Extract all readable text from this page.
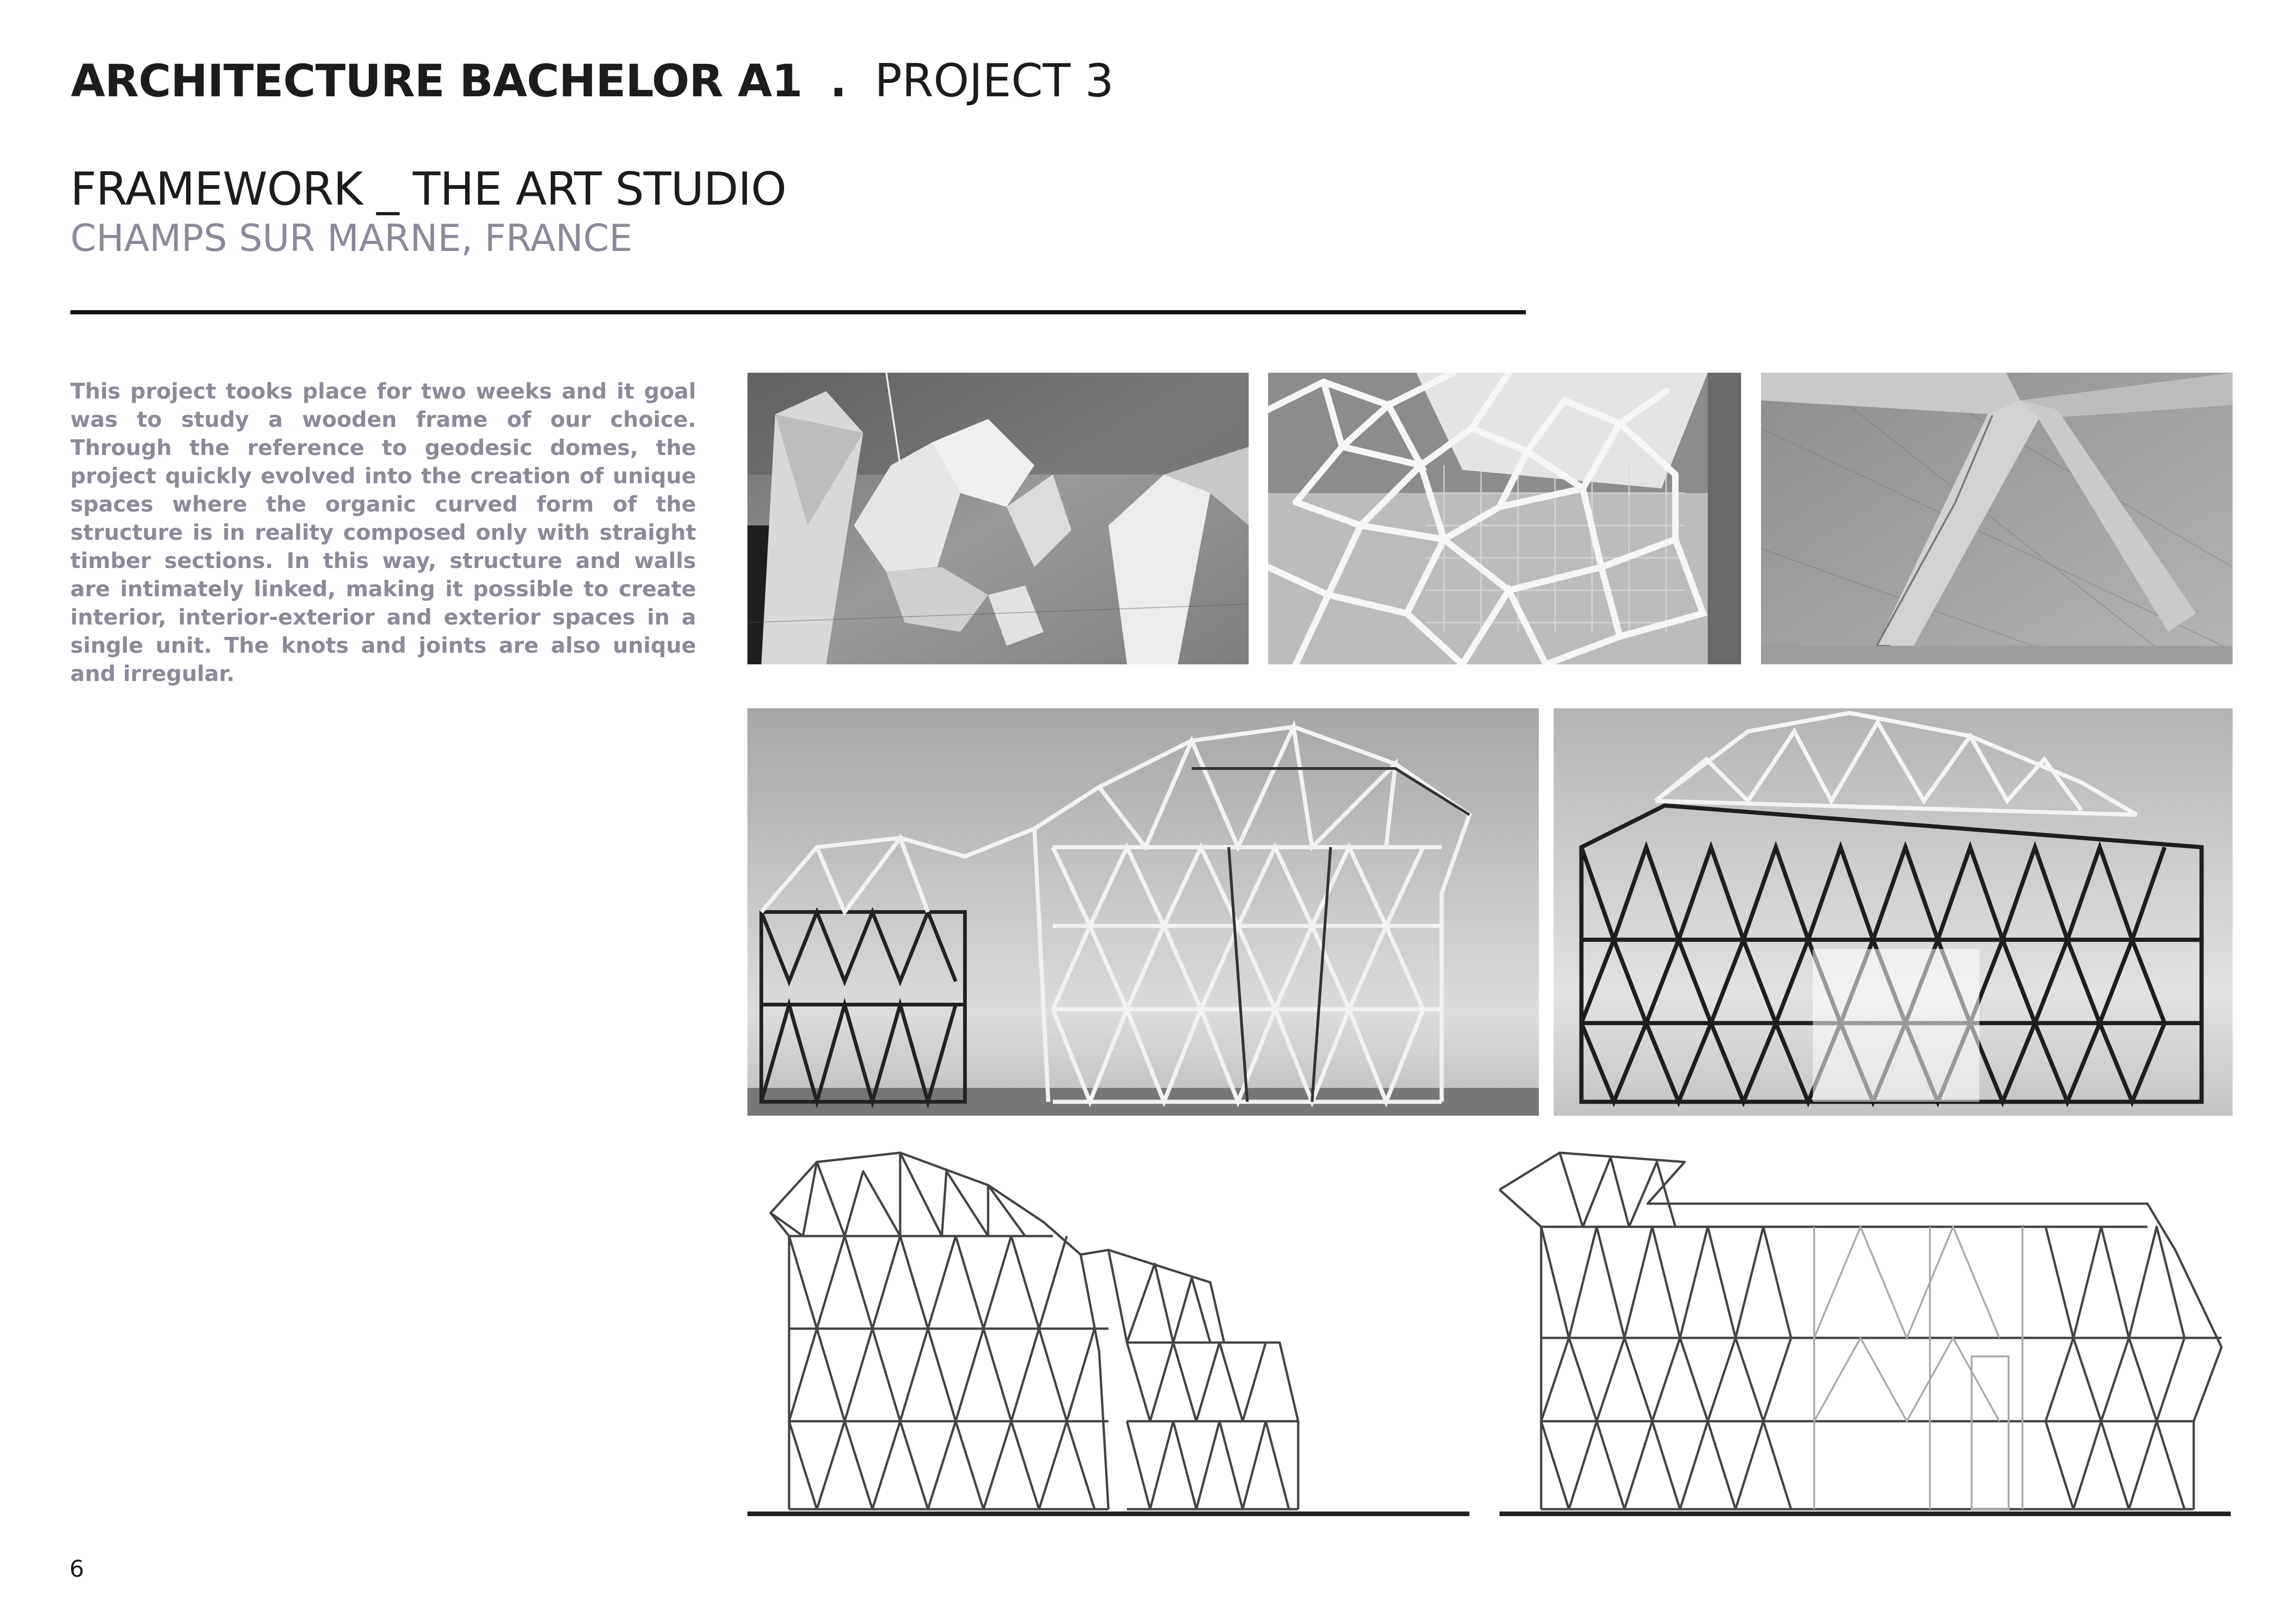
ARCHITECTURE BACHELOR A1 . PROJECT 3
FRAMEWORK _ THE ART STUDIO
CHAMPS SUR MARNE, FRANCE
This project tooks place for two weeks and it goal was to study a wooden frame of our choice. Through the reference to geodesic domes, the project quickly evolved into the creation of unique spaces where the organic curved form of the structure is in reality composed only with straight timber sections. In this way, structure and walls are intimately linked, making it possible to create interior, interior-exterior and exterior spaces in a single unit. The knots and joints are also unique and irregular.
6
